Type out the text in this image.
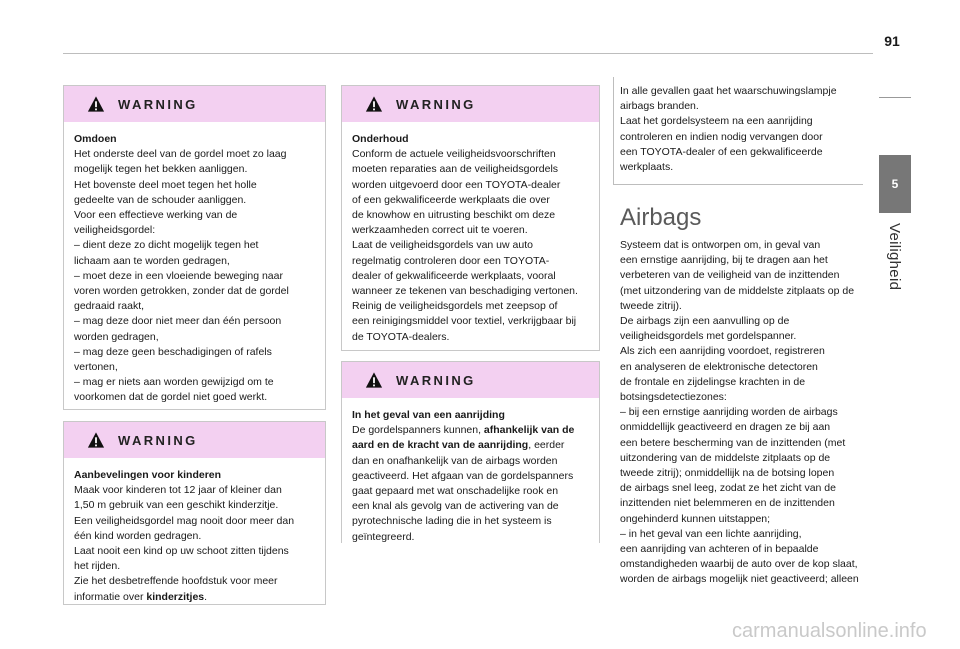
91
5
Veiligheid
WARNING

Omdoen

Het onderste deel van de gordel moet zo laag

mogelijk tegen het bekken aanliggen.

Het bovenste deel moet tegen het holle

gedeelte van de schouder aanliggen.

Voor een effectieve werking van de

veiligheidsgordel:

– dient deze zo dicht mogelijk tegen het

lichaam aan te worden gedragen,

– moet deze in een vloeiende beweging naar

voren worden getrokken, zonder dat de gordel

gedraaid raakt,

– mag deze door niet meer dan één persoon

worden gedragen,

– mag deze geen beschadigingen of rafels

vertonen,

– mag er niets aan worden gewijzigd om te

voorkomen dat de gordel niet goed werkt.

WARNING

Aanbevelingen voor kinderen

Maak voor kinderen tot 12 jaar of kleiner dan

1,50 m gebruik van een geschikt kinderzitje.

Een veiligheidsgordel mag nooit door meer dan

één kind worden gedragen.

Laat nooit een kind op uw schoot zitten tijdens

het rijden.

Zie het desbetreffende hoofdstuk voor meer

informatie over kinderzitjes.

WARNING

Onderhoud

Conform de actuele veiligheidsvoorschriften

moeten reparaties aan de veiligheidsgordels

worden uitgevoerd door een TOYOTA-dealer

of een gekwalificeerde werkplaats die over

de knowhow en uitrusting beschikt om deze

werkzaamheden correct uit te voeren.

Laat de veiligheidsgordels van uw auto

regelmatig controleren door een TOYOTA-

dealer of gekwalificeerde werkplaats, vooral

wanneer ze tekenen van beschadiging vertonen.

Reinig de veiligheidsgordels met zeepsop of

een reinigingsmiddel voor textiel, verkrijgbaar bij

de TOYOTA-dealers.

WARNING

In het geval van een aanrijding

De gordelspanners kunnen, afhankelijk van de

aard en de kracht van de aanrijding, eerder

dan en onafhankelijk van de airbags worden

geactiveerd. Het afgaan van de gordelspanners

gaat gepaard met wat onschadelijke rook en

een knal als gevolg van de activering van de

pyrotechnische lading die in het systeem is

geïntegreerd.

In alle gevallen gaat het waarschuwingslampje

airbags branden.

Laat het gordelsysteem na een aanrijding

controleren en indien nodig vervangen door

een TOYOTA-dealer of een gekwalificeerde

werkplaats.

Airbags

Systeem dat is ontworpen om, in geval van

een ernstige aanrijding, bij te dragen aan het

verbeteren van de veiligheid van de inzittenden

(met uitzondering van de middelste zitplaats op de

tweede zitrij).

De airbags zijn een aanvulling op de

veiligheidsgordels met gordelspanner.

Als zich een aanrijding voordoet, registreren

en analyseren de elektronische detectoren

de frontale en zijdelingse krachten in de

botsingsdetectiezones:

– bij een ernstige aanrijding worden de airbags

onmiddellijk geactiveerd en dragen ze bij aan

een betere bescherming van de inzittenden (met

uitzondering van de middelste zitplaats op de

tweede zitrij); onmiddellijk na de botsing lopen

de airbags snel leeg, zodat ze het zicht van de

inzittenden niet belemmeren en de inzittenden

ongehinderd kunnen uitstappen;

– in het geval van een lichte aanrijding,

een aanrijding van achteren of in bepaalde

omstandigheden waarbij de auto over de kop slaat,

worden de airbags mogelijk niet geactiveerd; alleen

carmanualsonline.info
